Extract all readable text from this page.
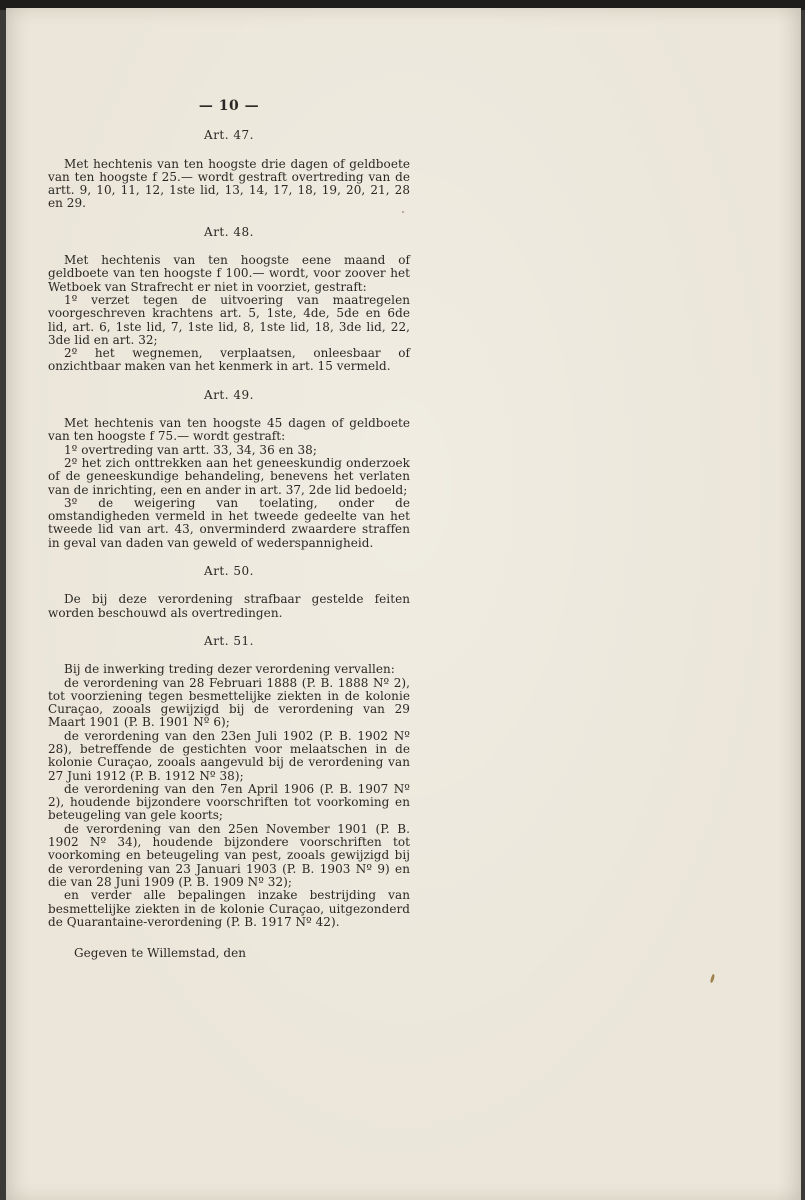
— 10 —
Art. 47.

Met hechtenis van ten hoogste drie dagen of geldboete van ten hoogste f 25.— wordt gestraft overtreding van de artt. 9, 10, 11, 12, 1ste lid, 13, 14, 17, 18, 19, 20, 21, 28 en 29.

Art. 48.

Met hechtenis van ten hoogste eene maand of geldboete van ten hoogste f 100.— wordt, voor zoover het Wetboek van Strafrecht er niet in voorziet, gestraft:

1º verzet tegen de uitvoering van maatregelen voorgeschreven krachtens art. 5, 1ste, 4de, 5de en 6de lid, art. 6, 1ste lid, 7, 1ste lid, 8, 1ste lid, 18, 3de lid, 22, 3de lid en art. 32;

2º het wegnemen, verplaatsen, onleesbaar of onzichtbaar maken van het kenmerk in art. 15 vermeld.

Art. 49.

Met hechtenis van ten hoogste 45 dagen of geldboete van ten hoogste f 75.— wordt gestraft:

1º overtreding van artt. 33, 34, 36 en 38;

2º het zich onttrekken aan het geneeskundig onderzoek of de geneeskundige behandeling, benevens het verlaten van de inrichting, een en ander in art. 37, 2de lid bedoeld;

3º de weigering van toelating, onder de omstandigheden vermeld in het tweede gedeelte van het tweede lid van art. 43, onverminderd zwaardere straffen in geval van daden van geweld of wederspannigheid.

Art. 50.

De bij deze verordening strafbaar gestelde feiten worden beschouwd als overtredingen.

Art. 51.

Bij de inwerking treding dezer verordening vervallen:

de verordening van 28 Februari 1888 (P. B. 1888 Nº 2), tot voorziening tegen besmettelijke ziekten in de kolonie Curaçao, zooals gewijzigd bij de verordening van 29 Maart 1901 (P. B. 1901 Nº 6);

de verordening van den 23en Juli 1902 (P. B. 1902 Nº 28), betreffende de gestichten voor melaatschen in de kolonie Curaçao, zooals aangevuld bij de verordening van 27 Juni 1912 (P. B. 1912 Nº 38);

de verordening van den 7en April 1906 (P. B. 1907 Nº 2), houdende bijzondere voorschriften tot voorkoming en beteugeling van gele koorts;

de verordening van den 25en November 1901 (P. B. 1902 Nº 34), houdende bijzondere voorschriften tot voorkoming en beteugeling van pest, zooals gewijzigd bij de verordening van 23 Januari 1903 (P. B. 1903 Nº 9) en die van 28 Juni 1909 (P. B. 1909 Nº 32);

en verder alle bepalingen inzake bestrijding van besmettelijke ziekten in de kolonie Curaçao, uitgezonderd de Quarantaine-verordening (P. B. 1917 Nº 42).

Gegeven te Willemstad, den
